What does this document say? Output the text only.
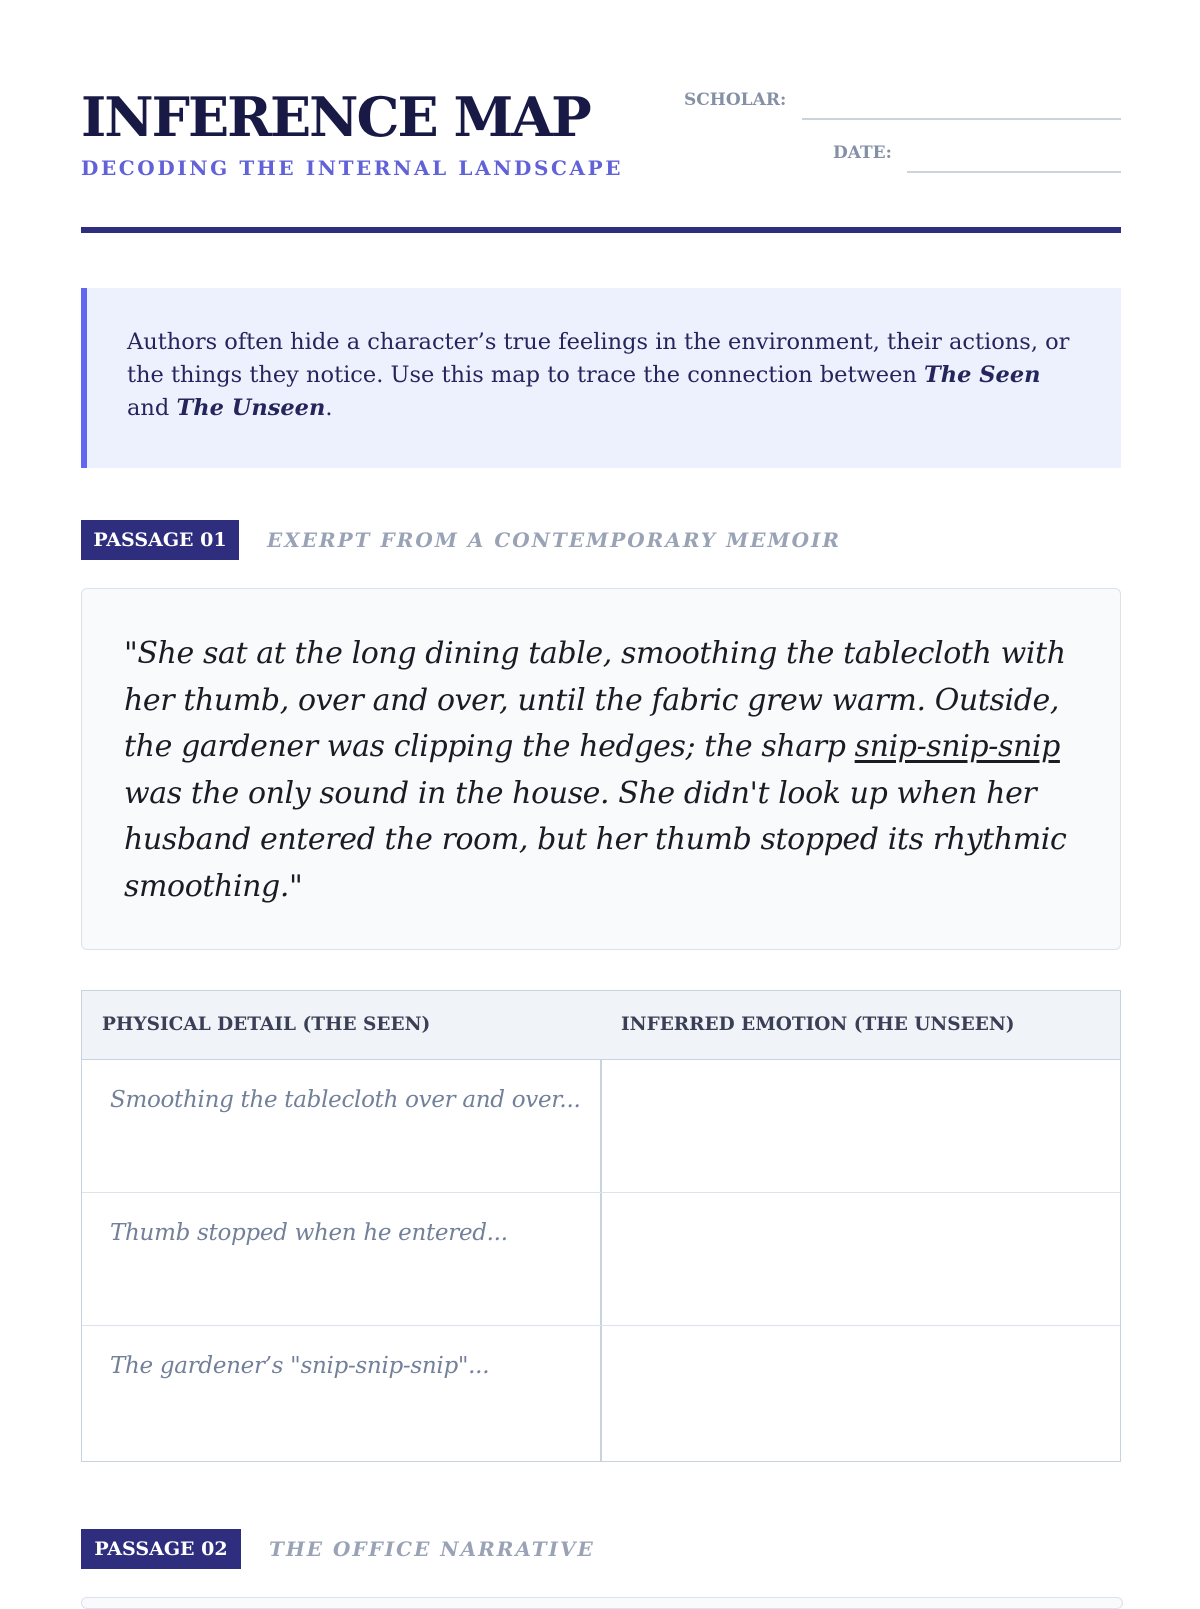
INFERENCE MAP
DECODING THE INTERNAL LANDSCAPE
SCHOLAR:
DATE:
Authors often hide a character’s true feelings in the environment, their actions, or the things they notice. Use this map to trace the connection between The Seen and The Unseen.
PASSAGE 01	EXERPT FROM A CONTEMPORARY MEMOIR
"She sat at the long dining table, smoothing the tablecloth with her thumb, over and over, until the fabric grew warm. Outside, the gardener was clipping the hedges; the sharp snip-snip-snip was the only sound in the house. She didn't look up when her husband entered the room, but her thumb stopped its rhythmic smoothing."
PHYSICAL DETAIL (THE SEEN)	INFERRED EMOTION (THE UNSEEN)
Smoothing the tablecloth over and over...
Thumb stopped when he entered...
The gardener’s "snip-snip-snip"...
PASSAGE 02	THE OFFICE NARRATIVE
